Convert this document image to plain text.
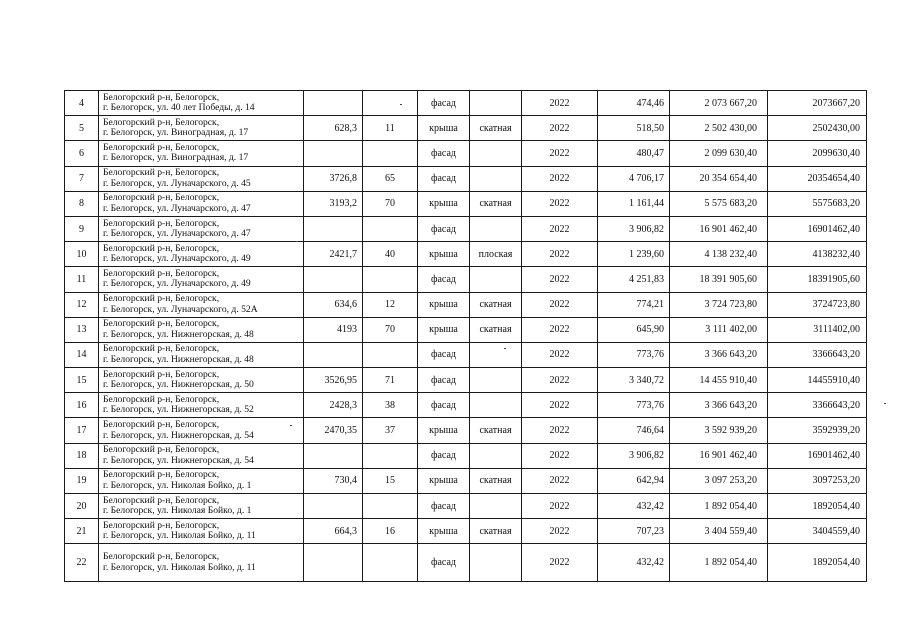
4	Белогорский р-н, Белогорск,
г. Белогорск, ул. 40 лет Победы, д. 14			фасад		2022	474,46	2 073 667,20	2073667,20
5	Белогорский р-н, Белогорск,
г. Белогорск, ул. Виноградная, д. 17	628,3	11	крыша	скатная	2022	518,50	2 502 430,00	2502430,00
6	Белогорский р-н, Белогорск,
г. Белогорск, ул. Виноградная, д. 17			фасад		2022	480,47	2 099 630,40	2099630,40
7	Белогорский р-н, Белогорск,
г. Белогорск, ул. Луначарского, д. 45	3726,8	65	фасад		2022	4 706,17	20 354 654,40	20354654,40
8	Белогорский р-н, Белогорск,
г. Белогорск, ул. Луначарского, д. 47	3193,2	70	крыша	скатная	2022	1 161,44	5 575 683,20	5575683,20
9	Белогорский р-н, Белогорск,
г. Белогорск, ул. Луначарского, д. 47			фасад		2022	3 906,82	16 901 462,40	16901462,40
10	Белогорский р-н, Белогорск,
г. Белогорск, ул. Луначарского, д. 49	2421,7	40	крыша	плоская	2022	1 239,60	4 138 232,40	4138232,40
11	Белогорский р-н, Белогорск,
г. Белогорск, ул. Луначарского, д. 49			фасад		2022	4 251,83	18 391 905,60	18391905,60
12	Белогорский р-н, Белогорск,
г. Белогорск, ул. Луначарского, д. 52А	634,6	12	крыша	скатная	2022	774,21	3 724 723,80	3724723,80
13	Белогорский р-н, Белогорск,
г. Белогорск, ул. Нижнегорская, д. 48	4193	70	крыша	скатная	2022	645,90	3 111 402,00	3111402,00
14	Белогорский р-н, Белогорск,
г. Белогорск, ул. Нижнегорская, д. 48			фасад		2022	773,76	3 366 643,20	3366643,20
15	Белогорский р-н, Белогорск,
г. Белогорск, ул. Нижнегорская, д. 50	3526,95	71	фасад		2022	3 340,72	14 455 910,40	14455910,40
16	Белогорский р-н, Белогорск,
г. Белогорск, ул. Нижнегорская, д. 52	2428,3	38	фасад		2022	773,76	3 366 643,20	3366643,20
17	Белогорский р-н, Белогорск,
г. Белогорск, ул. Нижнегорская, д. 54	2470,35	37	крыша	скатная	2022	746,64	3 592 939,20	3592939,20
18	Белогорский р-н, Белогорск,
г. Белогорск, ул. Нижнегорская, д. 54			фасад		2022	3 906,82	16 901 462,40	16901462,40
19	Белогорский р-н, Белогорск,
г. Белогорск, ул. Николая Бойко, д. 1	730,4	15	крыша	скатная	2022	642,94	3 097 253,20	3097253,20
20	Белогорский р-н, Белогорск,
г. Белогорск, ул. Николая Бойко, д. 1			фасад		2022	432,42	1 892 054,40	1892054,40
21	Белогорский р-н, Белогорск,
г. Белогорск, ул. Николая Бойко, д. 11	664,3	16	крыша	скатная	2022	707,23	3 404 559,40	3404559,40
22	Белогорский р-н, Белогорск,
г. Белогорск, ул. Николая Бойко, д. 11			фасад		2022	432,42	1 892 054,40	1892054,40
